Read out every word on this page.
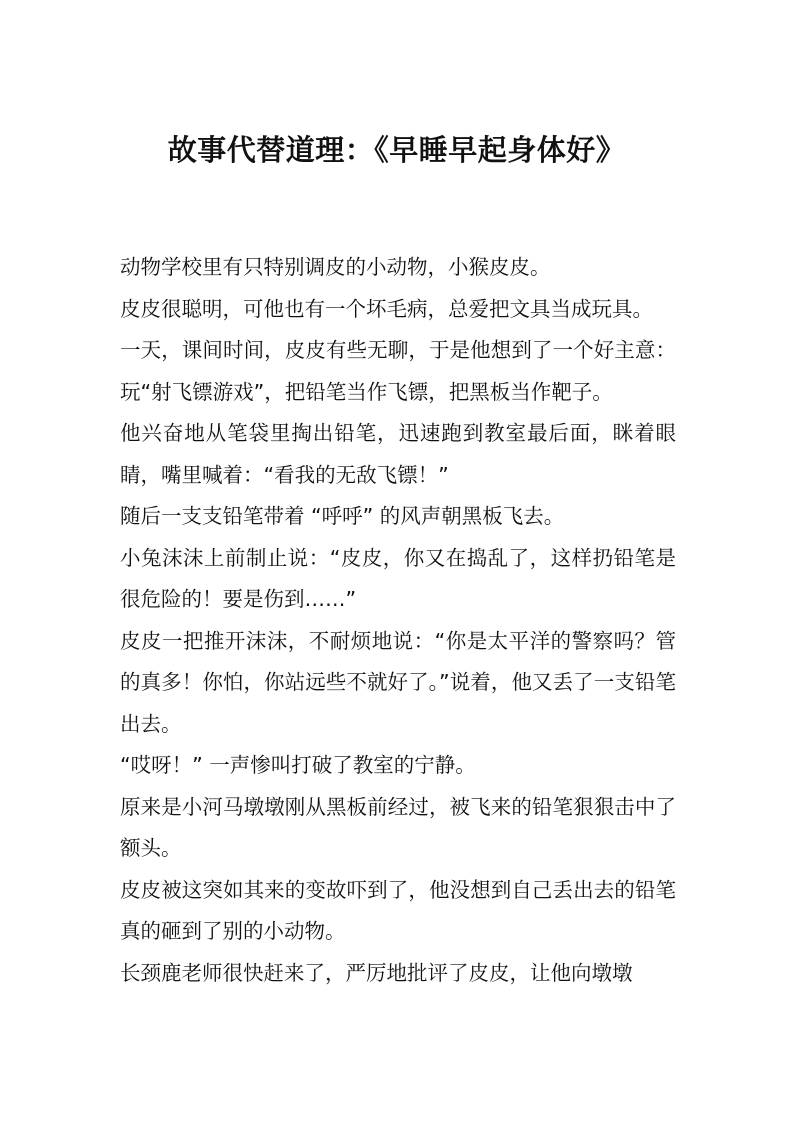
故事代替道理：《早睡早起身体好》

动物学校里有只特别调皮的小动物，小猴皮皮。

皮皮很聪明，可他也有一个坏毛病，总爱把文具当成玩具。

一天，课间时间，皮皮有些无聊，于是他想到了一个好主意：玩“射飞镖游戏”，把铅笔当作飞镖，把黑板当作靶子。

他兴奋地从笔袋里掏出铅笔，迅速跑到教室最后面，眯着眼睛，嘴里喊着：“看我的无敌飞镖！”

随后一支支铅笔带着 “呼呼” 的风声朝黑板飞去。

小兔沫沫上前制止说：“皮皮，你又在捣乱了，这样扔铅笔是很危险的！要是伤到……”

皮皮一把推开沫沫，不耐烦地说：“你是太平洋的警察吗？管的真多！你怕，你站远些不就好了。”说着，他又丢了一支铅笔出去。

“哎呀！” 一声惨叫打破了教室的宁静。

原来是小河马墩墩刚从黑板前经过，被飞来的铅笔狠狠击中了额头。

皮皮被这突如其来的变故吓到了，他没想到自己丢出去的铅笔真的砸到了别的小动物。

长颈鹿老师很快赶来了，严厉地批评了皮皮，让他向墩墩
